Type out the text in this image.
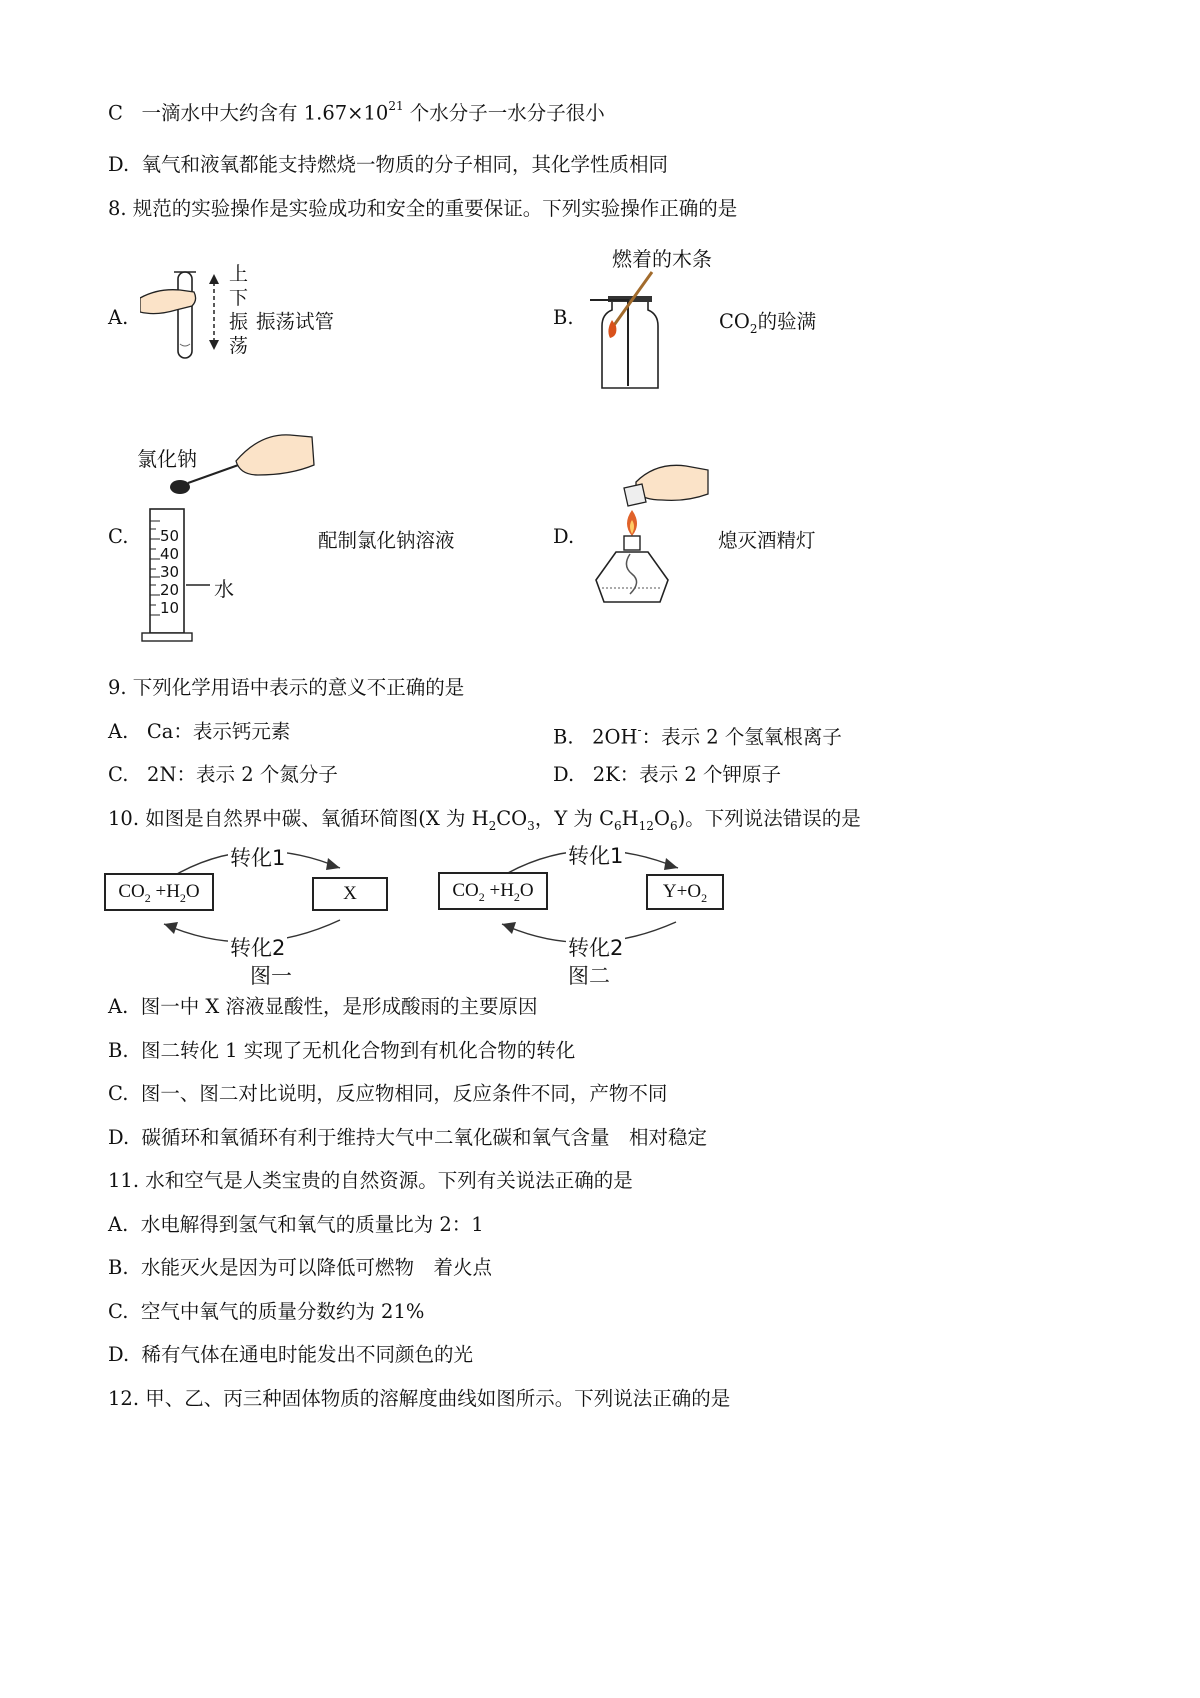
C 一滴水中大约含有 $1.67\times 10^{21}$ 个水分子一水分子很小
D. 氧气和液氧都能支持燃烧一物质的分子相同，其化学性质相同
8. 规范的实验操作是实验成功和安全的重要保证。下列实验操作正确的是
A.
上
下
振
荡
振荡试管	B.
燃着的木条
$CO_2$的验满
C.
氯化钠
50
40
30
20
10
水
配制氯化钠溶液	D.	熄灭酒精灯
9. 下列化学用语中表示的意义不正确的是
A. Ca：表示钙元素	B. 2OH-：表示 2 个氢氧根离子
C. 2N：表示 2 个氮分子	D. 2K：表示 2 个钾原子
10. 如图是自然界中碳、氧循环简图(X 为 $H_2CO_3$，Y 为 $C_6H_{12}O_6$)。下列说法错误的是
$CO_2 +H_2O$	X
转化1
转化2
图一
$CO_2 +H_2O$	$Y+O_2$
转化1
转化2
图二
A. 图一中 X 溶液显酸性，是形成酸雨的主要原因
B. 图二转化 1 实现了无机化合物到有机化合物的转化
C. 图一、图二对比说明，反应物相同，反应条件不同，产物不同
D. 碳循环和氧循环有利于维持大气中二氧化碳和氧气含量　相对稳定
11. 水和空气是人类宝贵的自然资源。下列有关说法正确的是
A. 水电解得到氢气和氧气的质量比为 2：1
B. 水能灭火是因为可以降低可燃物　着火点
C. 空气中氧气的质量分数约为 21%
D. 稀有气体在通电时能发出不同颜色的光
12. 甲、乙、丙三种固体物质的溶解度曲线如图所示。下列说法正确的是
